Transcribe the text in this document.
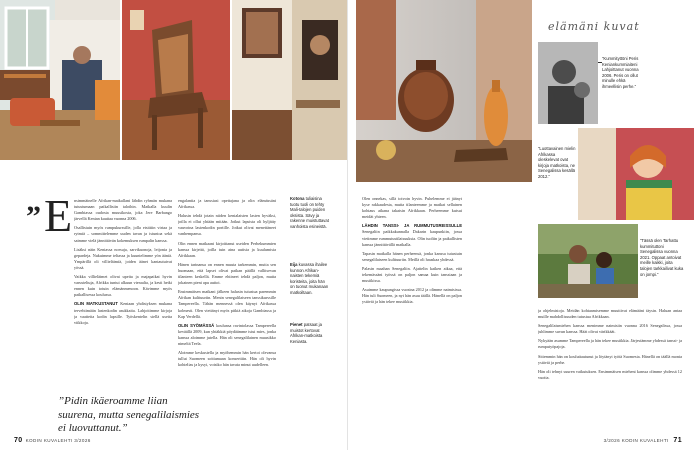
” E nsimmäinelle Afrikan-matkallani lähdin ryhmän mukana tutustumaan paikallisiin taloihin. Matkalla kuulin Gambiassa oudosta muusikosta, joka Jere Barbango järvellä Kenian kauttaa vuonna 2006.

Osallistuin myös rumpukurssille, jolla etsittiin virtaa ja rytmiä – sommittelemme uuden tavan ja istuntoa sekä saimme vielä jännittävän kokemuksen rumpalin kanssa.

Lisäksi näin Keniassa norsuja, sarvikuonoja, leijonia ja gepardeja. Nukuimme teltassa ja kuuntelimme yön ääniä. Ympärillä oli villieläimiä, joiden äänet kantautuivat yössä.

Vaikka villieläimet olivat upeita ja majapaikat hyvin varusteltuja, Afrikka tuntui alkuun vieraalta, ja kesti hetki ennen kuin totuin elämänmenoon. Kävimme myös paikallisessa koulussa.

OLIN MATKUSTANUT Keniaan yhdistyksen mukana tervehtimään lastenkodin asukkaita. Lahjoitimme kirjoja ja vaatteita kodin lapsille. Työskentelin siellä useita viikkoja.

engalantia ja tanssiasi opettajana ja olin elämässäni Afrikassa.

Halusin tehdä jotain niiden kenialaisten lasten hyväksi, joilla ei ollut yhtään mitään. Jotkut lapsista oli hyljätty vauvoina lastenkodin portille. Jotkut olivat menettäneet vanhempansa.

Olin ennen matkaani kirjoittanut useiden Perhekummien kanssa kirjeitä, joilla tuin aina uutisia ja kuulumisia Afrikkaan.

Hänen tarinansa on ennen muuta tarkemmin, mutta sen huomaan, että lapset olivat paikan päällä vallitsevan tilanteen keskellä. Emme ehtineet tehdä paljon, mutta jokainen pieni apu auttoi.

Ensimmäisen matkani jälkeen halusin tutustua paremmin Afrikan kulttuuriin. Menin senegalilaiseen tanssikurssille Tampereella. Tähän mennessä olen käynyt Afrikassa kolmesti. Olen viettänyt myös pitkiä aikoja Gambiassa ja Kap Verdellä.

OLIN SYÖMÄSSÄ koulunsa ravintolassa Tampereella keväällä 2009, kun yhtäkkiä pöydäämme istui mies, jonka kanssa aloimme jutella. Hän oli senegalilainen muusikko nimeltä Teela.

Aloimme keskustella ja myöhemmin hän kertoi olevansa tullut Suomeen soittamaan konserttiin. Hän oli hyvin kohtelias ja kysyi, voisiko hän tavata minut uudelleen.

Kotona tuliaisina tuotu tuoli on tehty Mali-talojen puiden oksista. Sävy ja rakenne muistuttavat vanhoista esineistä.
Eija kuvassa ihailee kunnon Afrikan-naisten tekemiä koristeita, joita hän on tuonut mukanaan matkoiltaan.
Pienet patsaat ja muistot kertovat Afrikan-matkoista Keniasta.
”Pidin ikäeroamme liian suurena, mutta senegalilaismies ei luovuttanut.”
70 KODIN KUVALEHTI 3/2026
elämäni kuvat
”Kummityttöni Peris Keniankummiaiteni Lahjoittanut vuonna 2006. Peris on ollut minulle ehkä ihmeellisin perhe.”
”Luottavainen mielin Afrikassa oleskelevat ovat kirjoja matkoista, ne Senegalissa kesällä 2012.”
”Tässä olen Tarhattu kummituttoni Senegalissa vuonna 2021. Oppaat antoivat meille kaikki, joita talojen tarkkailivat kuka on jompi.”

Olen onnekas, sillä toivoin hyvin. Puhelemme ei jäänyt kyse rakkaudesta, mutta tilanteemme ja matkat sellainen kohtaus aikana takaisin Afrikkaan. Perheemme kutsui meidät yhteen.

LÄHDIN TANSSI- JA RUMMUTUSREISSULLE Senegaliin paikkakunnalla Dakarin kaupunkiin, jossa vietimme rummutustilaisuuksia. Olin tuoliin ja paikallisten kanssa jännittävällä matkalla.

Tapasin matkalla hänen perheensä, jonka kanssa tutustuin senegalilaiseen kulttuuriin. Meillä oli hauskaa yhdessä.

Palasin maahan Senegaliin. Ajattelin kaiken aikaa, että tekemässäni työssä on paljon samaa kuin tanssiaan ja musiikissa.

Asuimme kaupungissa vuosina 2012 ja olimme naimisissa. Hän tuli Suomeen, ja nyt hän asuu täällä. Hänellä on paljon ystäviä ja hän tekee musiikkia.

ja ohjelmistoja. Meidän kohtaamisemme muuttivat elämääni täysin. Haluan antaa muille mahdollisuuden tutustua Afrikkaan.

Senegalilaismiehen kanssa menimme naimisiin vuonna 2016 Senegalissa, jossa juhlimme suvun kanssa. Häät olivat värikkäät.

Nykyään asumme Tampereella ja hän tekee musiikkia. Järjestämme yhdessä tanssi- ja rumputyöpajoja.

Sittemmin hän on kouluttautunut ja löytänyt työtä Suomesta. Hänellä on täällä monia ystäviä ja perhe.

Hän oli tehnyt suuren vaikutuksen. Ensimmäisen mieheni kanssa olimme yhdessä 12 vuotta.

3/2026 KODIN KUVALEHTI 71
